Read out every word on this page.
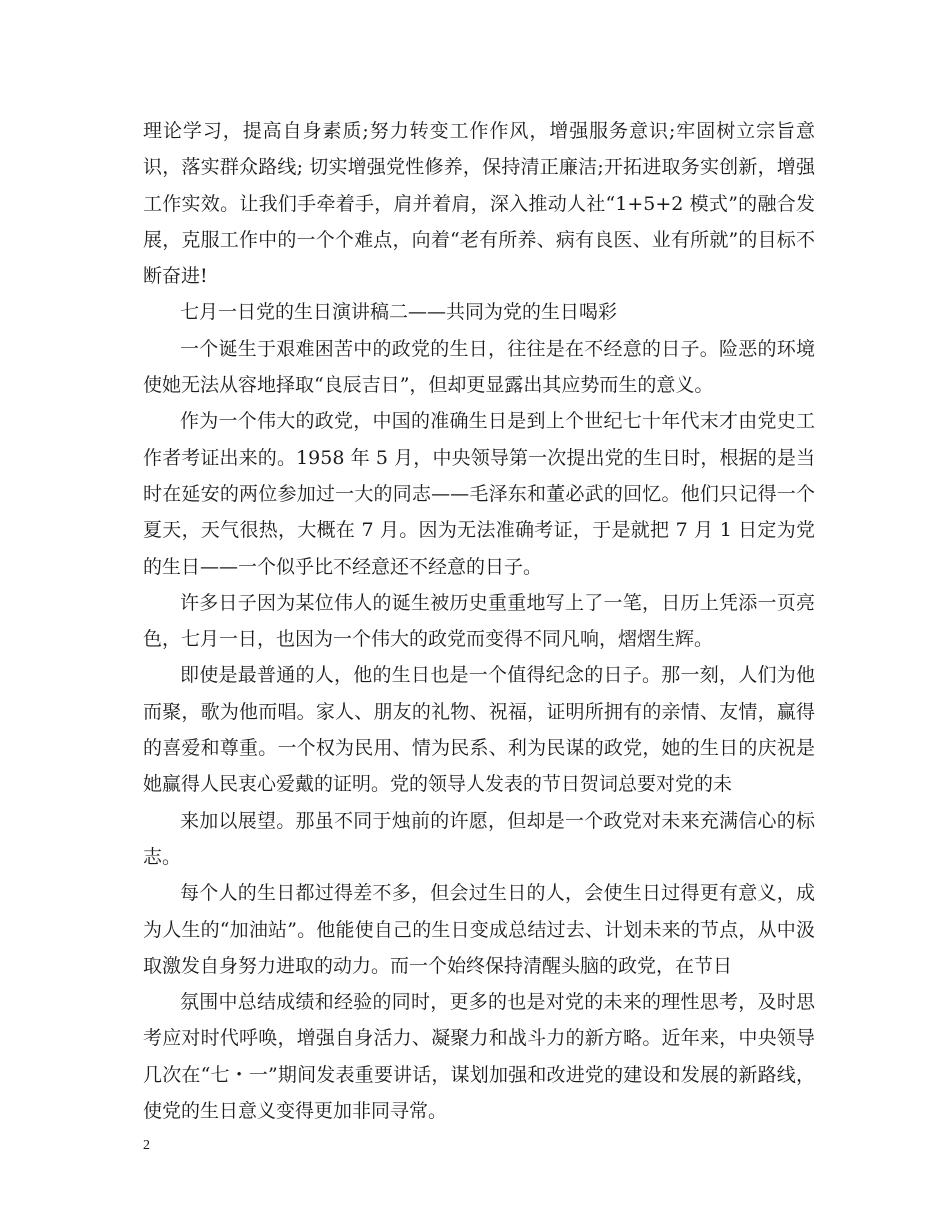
理论学习，提高自身素质;努力转变工作作风，增强服务意识;牢固树立宗旨意识，落实群众路线; 切实增强党性修养，保持清正廉洁;开拓进取务实创新，增强工作实效。让我们手牵着手，肩并着肩，深入推动人社“1+5+2 模式”的融合发展，克服工作中的一个个难点，向着“老有所养、病有良医、业有所就”的目标不断奋进!

七月一日党的生日演讲稿二——共同为党的生日喝彩

一个诞生于艰难困苦中的政党的生日，往往是在不经意的日子。险恶的环境使她无法从容地择取“良辰吉日”，但却更显露出其应势而生的意义。

作为一个伟大的政党，中国的准确生日是到上个世纪七十年代末才由党史工作者考证出来的。1958 年 5 月，中央领导第一次提出党的生日时，根据的是当时在延安的两位参加过一大的同志——毛泽东和董必武的回忆。他们只记得一个夏天，天气很热，大概在 7 月。因为无法准确考证，于是就把 7 月 1 日定为党的生日——一个似乎比不经意还不经意的日子。

许多日子因为某位伟人的诞生被历史重重地写上了一笔，日历上凭添一页亮色，七月一日，也因为一个伟大的政党而变得不同凡响，熠熠生辉。

即使是最普通的人，他的生日也是一个值得纪念的日子。那一刻，人们为他而聚，歌为他而唱。家人、朋友的礼物、祝福，证明所拥有的亲情、友情，赢得的喜爱和尊重。一个权为民用、情为民系、利为民谋的政党，她的生日的庆祝是她赢得人民衷心爱戴的证明。党的领导人发表的节日贺词总要对党的未

来加以展望。那虽不同于烛前的许愿，但却是一个政党对未来充满信心的标志。

每个人的生日都过得差不多，但会过生日的人，会使生日过得更有意义，成为人生的“加油站”。他能使自己的生日变成总结过去、计划未来的节点，从中汲取激发自身努力进取的动力。而一个始终保持清醒头脑的政党，在节日

氛围中总结成绩和经验的同时，更多的也是对党的未来的理性思考，及时思考应对时代呼唤，增强自身活力、凝聚力和战斗力的新方略。近年来，中央领导几次在“七・一”期间发表重要讲话，谋划加强和改进党的建设和发展的新路线，使党的生日意义变得更加非同寻常。

2
